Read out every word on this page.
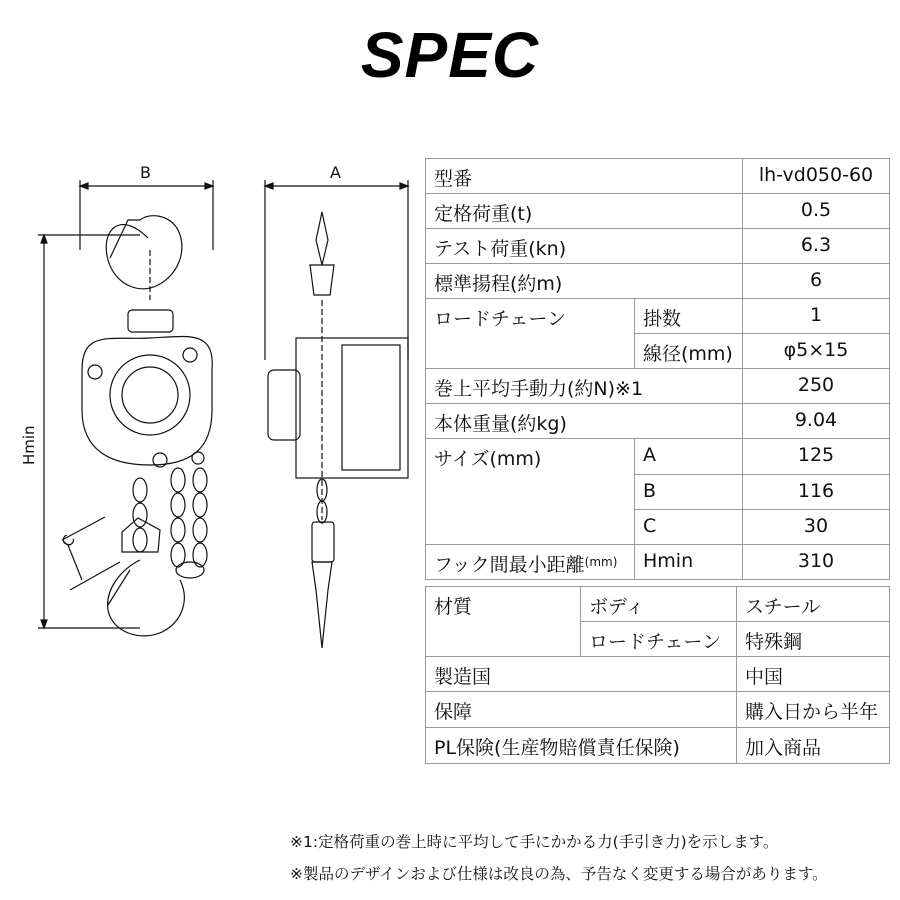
SPEC
B	A
Hmin
C
型番	lh-vd050-60
定格荷重(t)	0.5
テスト荷重(kn)	6.3
標準揚程(約m)	6
ロードチェーン	掛数	1
線径(mm)	φ5×15
巻上平均手動力(約N)※1	250
本体重量(約kg)	9.04
サイズ(mm)	A	125
B	116
C	30
フック間最小距離 (mm)	Hmin	310
材質	ボディ	スチール
ロードチェーン	特殊鋼
製造国	中国
保障	購入日から半年
PL保険(生産物賠償責任保険)	加入商品
※1:定格荷重の巻上時に平均して手にかかる力(手引き力)を示します。
※製品のデザインおよび仕様は改良の為、予告なく変更する場合があります。
